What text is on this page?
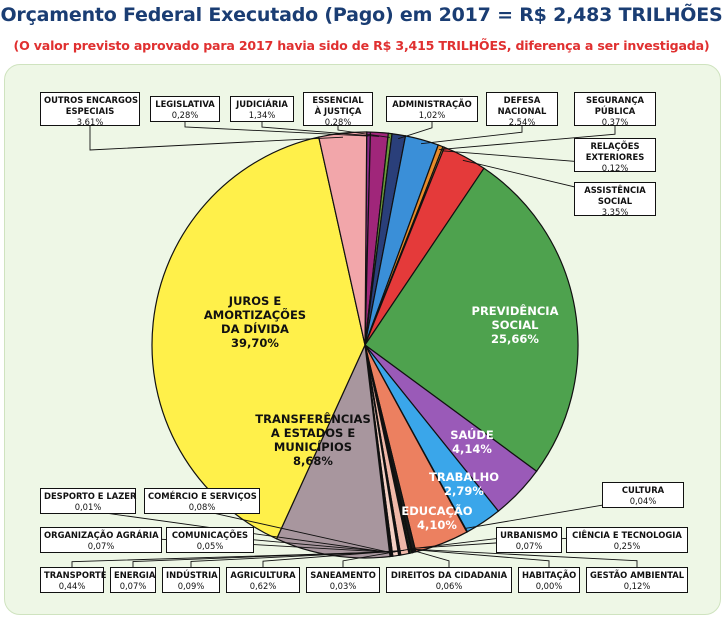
Orçamento Federal Executado (Pago) em 2017 = R$ 2,483 TRILHÕES
(O valor previsto aprovado para 2017 havia sido de R$ 3,415 TRILHÕES, diferença a ser investigada)
LEGISLATIVA
0,28%
JUDICIÁRIA
1,34%
ESSENCIAL
À JUSTIÇA
0,28%
ADMINISTRAÇÃO
1,02%
DEFESA
NACIONAL
2,54%
SEGURANÇA
PÚBLICA
0,37%
RELAÇÕES
EXTERIORES
0,12%
ASSISTÊNCIA
SOCIAL
3,35%
PREVIDÊNCIA
SOCIAL
25,66%
SAÚDE
4,14%
TRABALHO
2,79%	CULTURA
0,04%
EDUCAÇÃO
4,10%
CIÊNCIA E TECNOLOGIA
0,25%
URBANISMO
0,07%
GESTÃO AMBIENTAL
0,12%
HABITAÇÃO
0,00%
DIREITOS DA CIDADANIA
0,06%
SANEAMENTO
0,03%
AGRICULTURA
0,62%
INDÚSTRIA
0,09%
ENERGIA
0,07%
TRANSPORTE
0,44%
COMUNICAÇÕES
0,05%
ORGANIZAÇÃO AGRÁRIA
0,07%
COMÉRCIO E SERVIÇOS
0,08%
DESPORTO E LAZER
0,01%
TRANSFERÊNCIAS
A ESTADOS E
MUNICÍPIOS
8,68%
JUROS E
AMORTIZAÇÕES
DA DÍVIDA
39,70%
OUTROS ENCARGOS
ESPECIAIS
3,61%
